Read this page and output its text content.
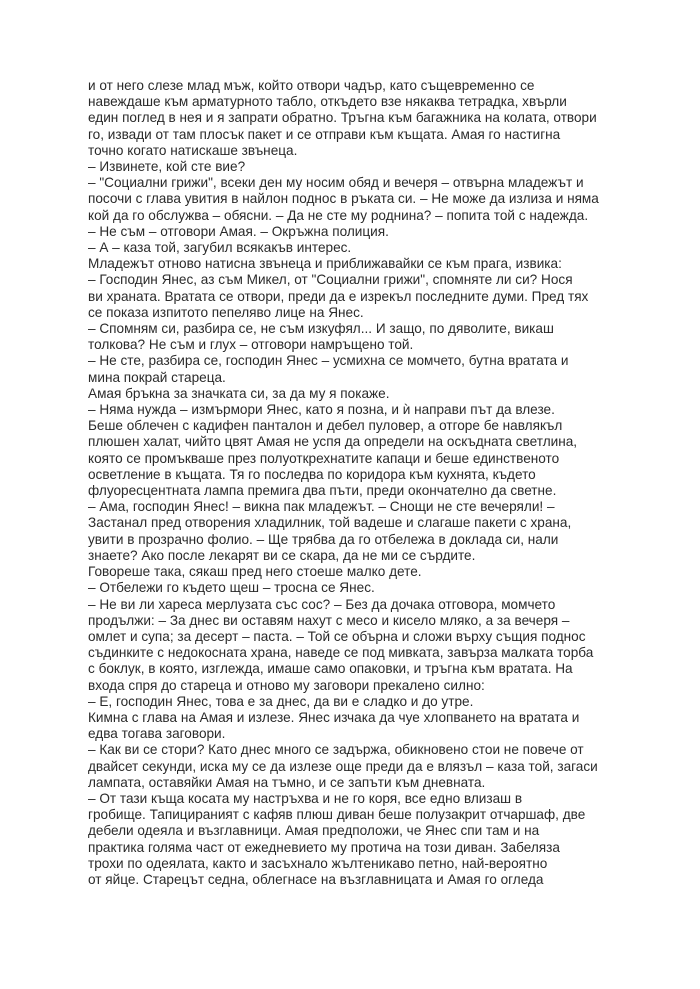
и от него слезе млад мъж, който отвори чадър, като същевременно се
навеждаше към арматурното табло, откъдето взе някаква тетрадка, хвърли
един поглед в нея и я запрати обратно. Тръгна към багажника на колата, отвори
го, извади от там плосък пакет и се отправи към къщата. Амая го настигна
точно когато натискаше звънеца.
– Извинете, кой сте вие?
– "Социални грижи", всеки ден му носим обяд и вечеря – отвърна младежът и
посочи с глава увития в найлон поднос в ръката си. – Не може да излиза и няма
кой да го обслужва – обясни. – Да не сте му роднина? – попита той с надежда.
– Не съм – отговори Амая. – Окръжна полиция.
– А – каза той, загубил всякакъв интерес.
Младежът отново натисна звънеца и приближавайки се към прага, извика:
– Господин Янес, аз съм Микел, от "Социални грижи", спомняте ли си? Нося
ви храната. Вратата се отвори, преди да е изрекъл последните думи. Пред тях
се показа изпитото пепеляво лице на Янес.
– Спомням си, разбира се, не съм изкуфял... И защо, по дяволите, викаш
толкова? Не съм и глух – отговори намръщено той.
– Не сте, разбира се, господин Янес – усмихна се момчето, бутна вратата и
мина покрай стареца.
Амая бръкна за значката си, за да му я покаже.
– Няма нужда – измърмори Янес, като я позна, и ѝ направи път да влезе.
Беше облечен с кадифен панталон и дебел пуловер, а отгоре бе навлякъл
плюшен халат, чийто цвят Амая не успя да определи на оскъдната светлина,
която се промъкваше през полуоткрехнатите капаци и беше единственото
осветление в къщата. Тя го последва по коридора към кухнята, където
флуоресцентната лампа премига два пъти, преди окончателно да светне.
– Ама, господин Янес! – викна пак младежът. – Снощи не сте вечеряли! –
Застанал пред отворения хладилник, той вадеше и слагаше пакети с храна,
увити в прозрачно фолио. – Ще трябва да го отбележа в доклада си, нали
знаете? Ако после лекарят ви се скара, да не ми се сърдите.
Говореше така, сякаш пред него стоеше малко дете.
– Отбележи го където щеш – тросна се Янес.
– Не ви ли хареса мерлузата със сос? – Без да дочака отговора, момчето
продължи: – За днес ви оставям нахут с месо и кисело мляко, а за вечеря –
омлет и супа; за десерт – паста. – Той се обърна и сложи върху същия поднос
съдинките с недокосната храна, наведе се под мивката, завърза малката торба
с боклук, в която, изглежда, имаше само опаковки, и тръгна към вратата. На
входа спря до стареца и отново му заговори прекалено силно:
– Е, господин Янес, това е за днес, да ви е сладко и до утре.
Кимна с глава на Амая и излезе. Янес изчака да чуе хлопването на вратата и
едва тогава заговори.
– Как ви се стори? Като днес много се задържа, обикновено стои не повече от
двайсет секунди, иска му се да излезе още преди да е влязъл – каза той, загаси
лампата, оставяйки Амая на тъмно, и се запъти към дневната.
– От тази къща косата му настръхва и не го коря, все едно влизаш в
гробище. Тапицираният с кафяв плюш диван беше полузакрит отчаршаф, две
дебели одеяла и възглавници. Амая предположи, че Янес спи там и на
практика голяма част от ежедневието му протича на този диван. Забеляза
трохи по одеялата, както и засъхнало жълтеникаво петно, най-вероятно
от яйце. Старецът седна, облегнасе на възглавницата и Амая го огледа
